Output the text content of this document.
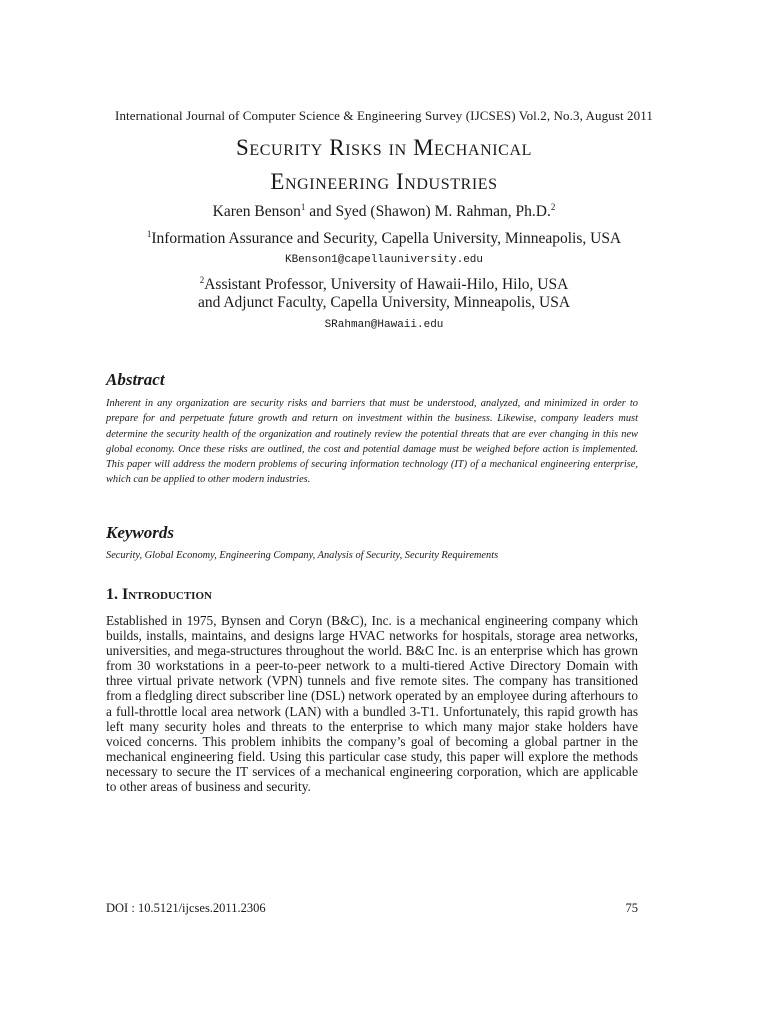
International Journal of Computer Science & Engineering Survey (IJCSES) Vol.2, No.3, August 2011
Security Risks in Mechanical
Engineering Industries
Karen Benson$^1$ and Syed (Shawon) M. Rahman, Ph.D.$^2$
$^1$Information Assurance and Security, Capella University, Minneapolis, USA
KBenson1@capellauniversity.edu
$^2$Assistant Professor, University of Hawaii-Hilo, Hilo, USA
and Adjunct Faculty, Capella University, Minneapolis, USA
SRahman@Hawaii.edu
Abstract

Inherent in any organization are security risks and barriers that must be understood, analyzed, and minimized in order to prepare for and perpetuate future growth and return on investment within the business. Likewise, company leaders must determine the security health of the organization and routinely review the potential threats that are ever changing in this new global economy. Once these risks are outlined, the cost and potential damage must be weighed before action is implemented. This paper will address the modern problems of securing information technology (IT) of a mechanical engineering enterprise, which can be applied to other modern industries.

Keywords
Security, Global Economy, Engineering Company, Analysis of Security, Security Requirements
1. Introduction

Established in 1975, Bynsen and Coryn (B&C), Inc. is a mechanical engineering company which builds, installs, maintains, and designs large HVAC networks for hospitals, storage area networks, universities, and mega-structures throughout the world. B&C Inc. is an enterprise which has grown from 30 workstations in a peer-to-peer network to a multi-tiered Active Directory Domain with three virtual private network (VPN) tunnels and five remote sites. The company has transitioned from a fledgling direct subscriber line (DSL) network operated by an employee during afterhours to a full-throttle local area network (LAN) with a bundled 3-T1. Unfortunately, this rapid growth has left many security holes and threats to the enterprise to which many major stake holders have voiced concerns. This problem inhibits the company’s goal of becoming a global partner in the mechanical engineering field. Using this particular case study, this paper will explore the methods necessary to secure the IT services of a mechanical engineering corporation, which are applicable to other areas of business and security.

DOI : 10.5121/ijcses.2011.2306	75
